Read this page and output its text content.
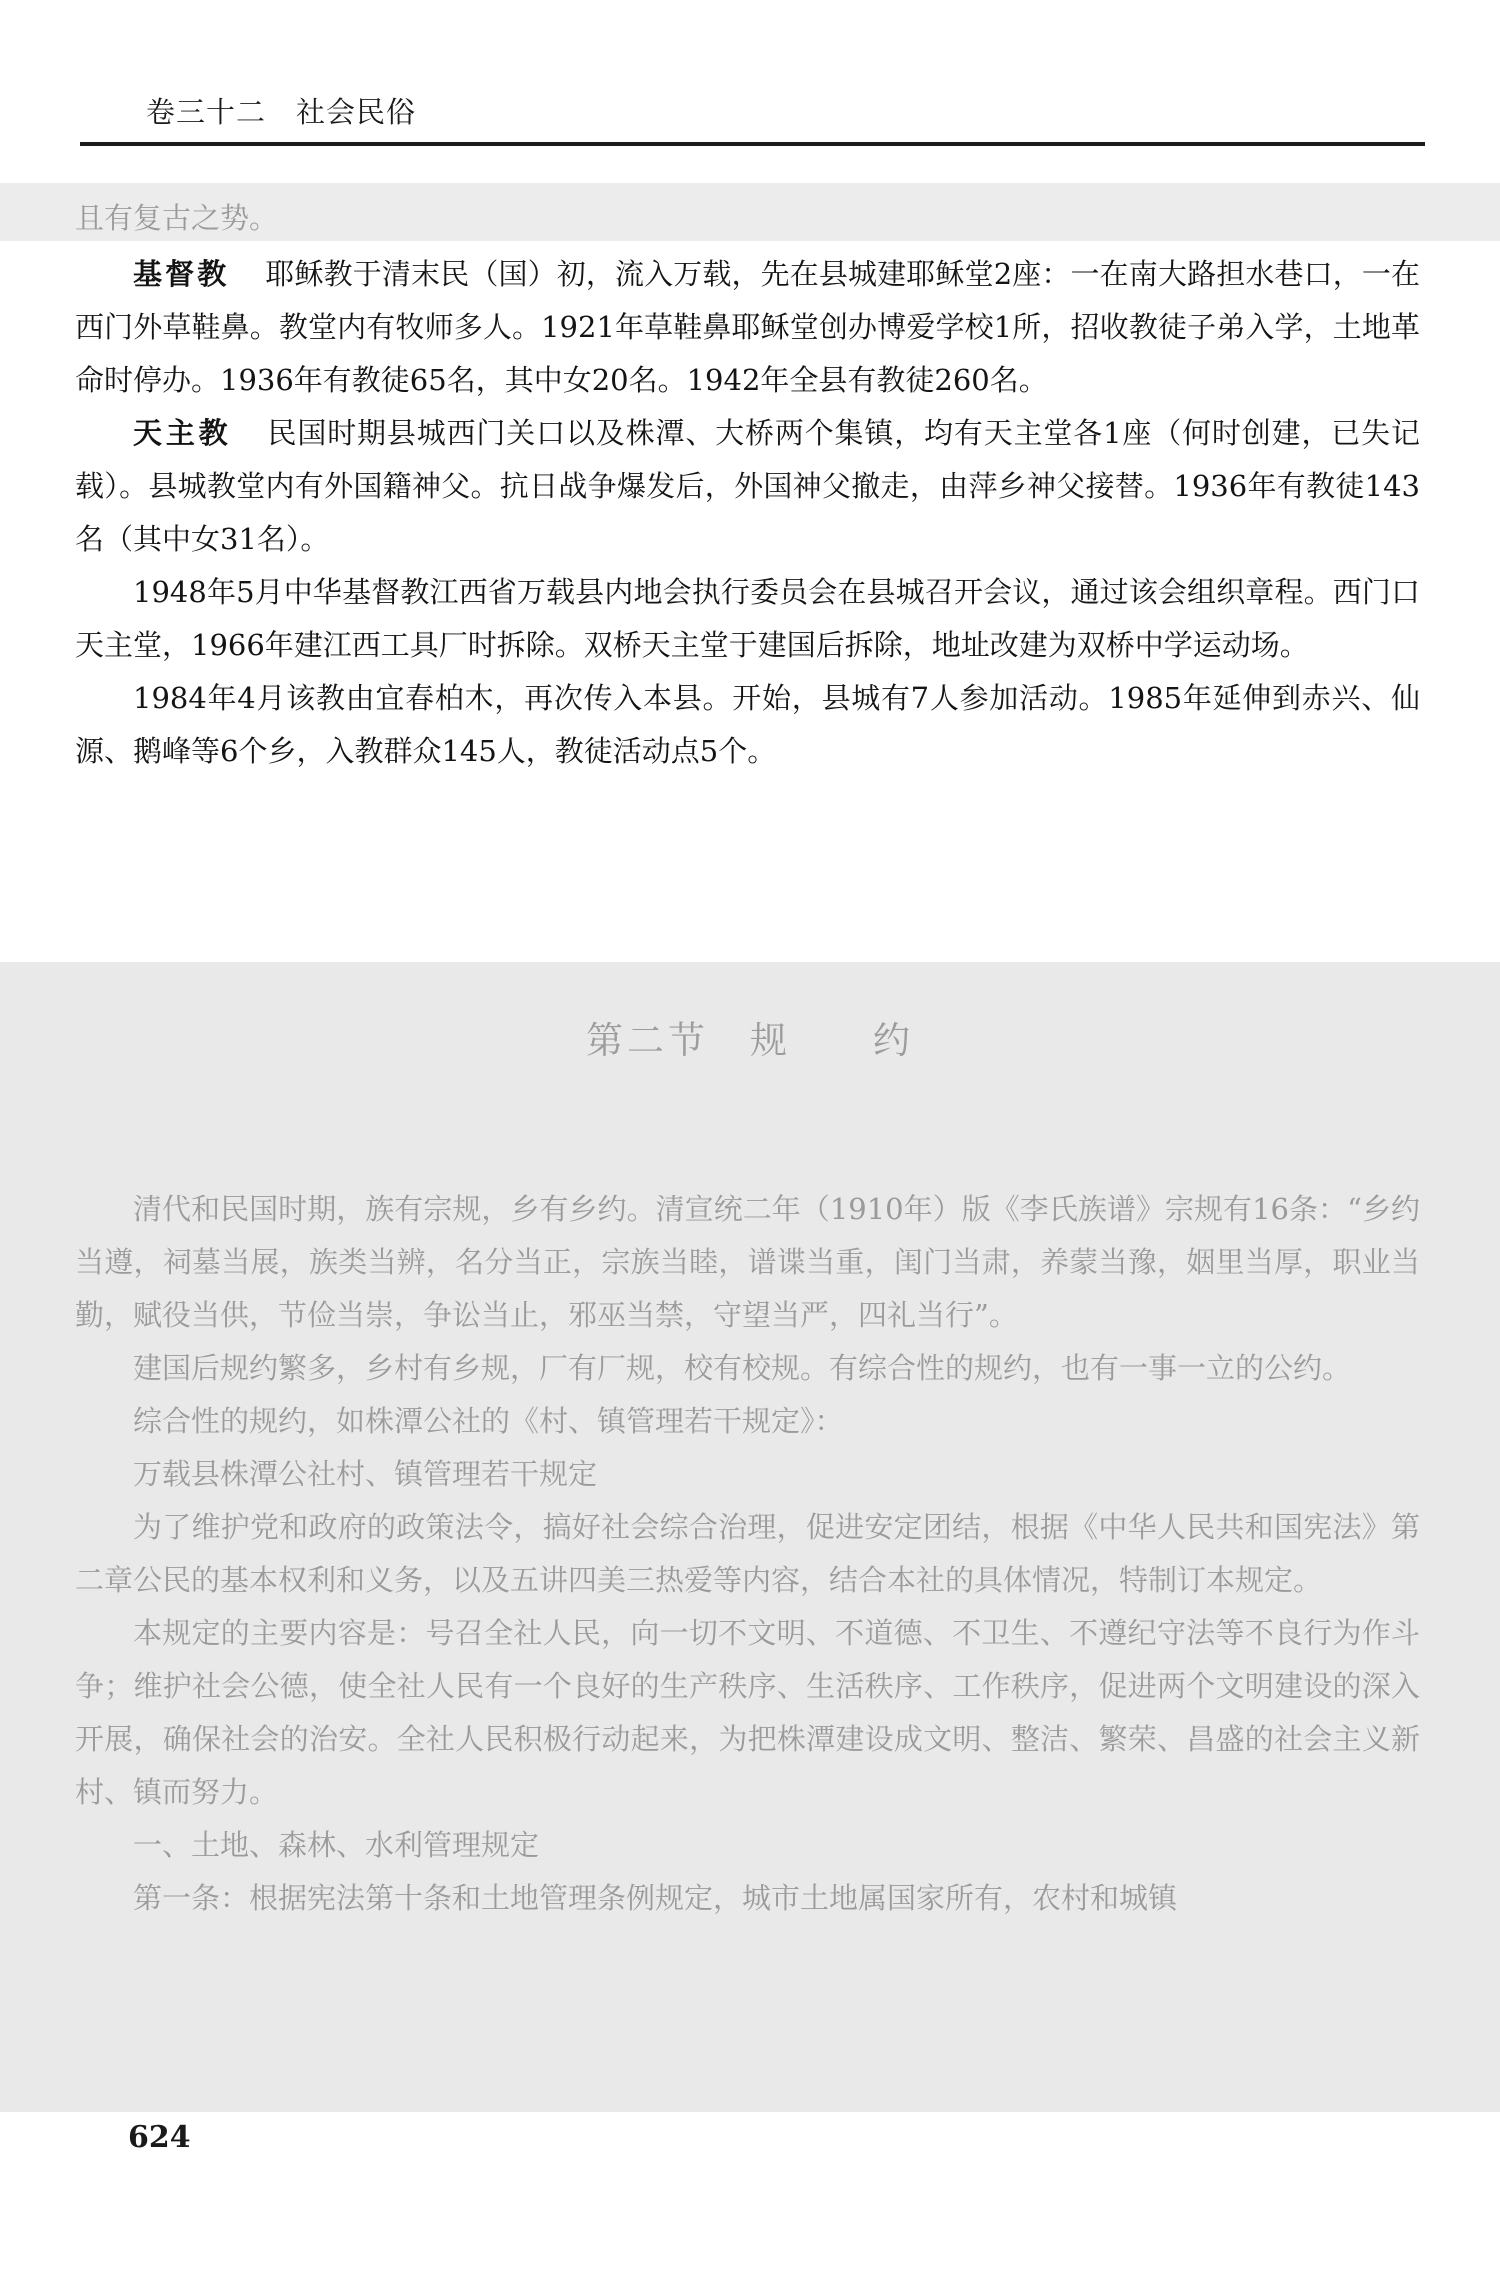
卷三十二　社会民俗

且有复古之势。

基督教 耶稣教于清末民（国）初，流入万载，先在县城建耶稣堂2座：一在南大路担水巷口，一在西门外草鞋鼻。教堂内有牧师多人。1921年草鞋鼻耶稣堂创办博爱学校1所，招收教徒子弟入学，土地革命时停办。1936年有教徒65名，其中女20名。1942年全县有教徒260名。

天主教 民国时期县城西门关口以及株潭、大桥两个集镇，均有天主堂各1座（何时创建，已失记载）。县城教堂内有外国籍神父。抗日战争爆发后，外国神父撤走，由萍乡神父接替。1936年有教徒143名（其中女31名）。

1948年5月中华基督教江西省万载县内地会执行委员会在县城召开会议，通过该会组织章程。西门口天主堂，1966年建江西工具厂时拆除。双桥天主堂于建国后拆除，地址改建为双桥中学运动场。

1984年4月该教由宜春柏木，再次传入本县。开始，县城有7人参加活动。1985年延伸到赤兴、仙源、鹅峰等6个乡，入教群众145人，教徒活动点5个。

第二节　规　　约

清代和民国时期，族有宗规，乡有乡约。清宣统二年（1910年）版《李氏族谱》宗规有16条：“乡约当遵，祠墓当展，族类当辨，名分当正，宗族当睦，谱谍当重，闺门当肃，养蒙当豫，姻里当厚，职业当勤，赋役当供，节俭当崇，争讼当止，邪巫当禁，守望当严，四礼当行”。

建国后规约繁多，乡村有乡规，厂有厂规，校有校规。有综合性的规约，也有一事一立的公约。

综合性的规约，如株潭公社的《村、镇管理若干规定》：

万载县株潭公社村、镇管理若干规定

为了维护党和政府的政策法令，搞好社会综合治理，促进安定团结，根据《中华人民共和国宪法》第二章公民的基本权利和义务，以及五讲四美三热爱等内容，结合本社的具体情况，特制订本规定。

本规定的主要内容是：号召全社人民，向一切不文明、不道德、不卫生、不遵纪守法等不良行为作斗争；维护社会公德，使全社人民有一个良好的生产秩序、生活秩序、工作秩序，促进两个文明建设的深入开展，确保社会的治安。全社人民积极行动起来，为把株潭建设成文明、整洁、繁荣、昌盛的社会主义新村、镇而努力。

一、土地、森林、水利管理规定

第一条：根据宪法第十条和土地管理条例规定，城市土地属国家所有，农村和城镇

624
